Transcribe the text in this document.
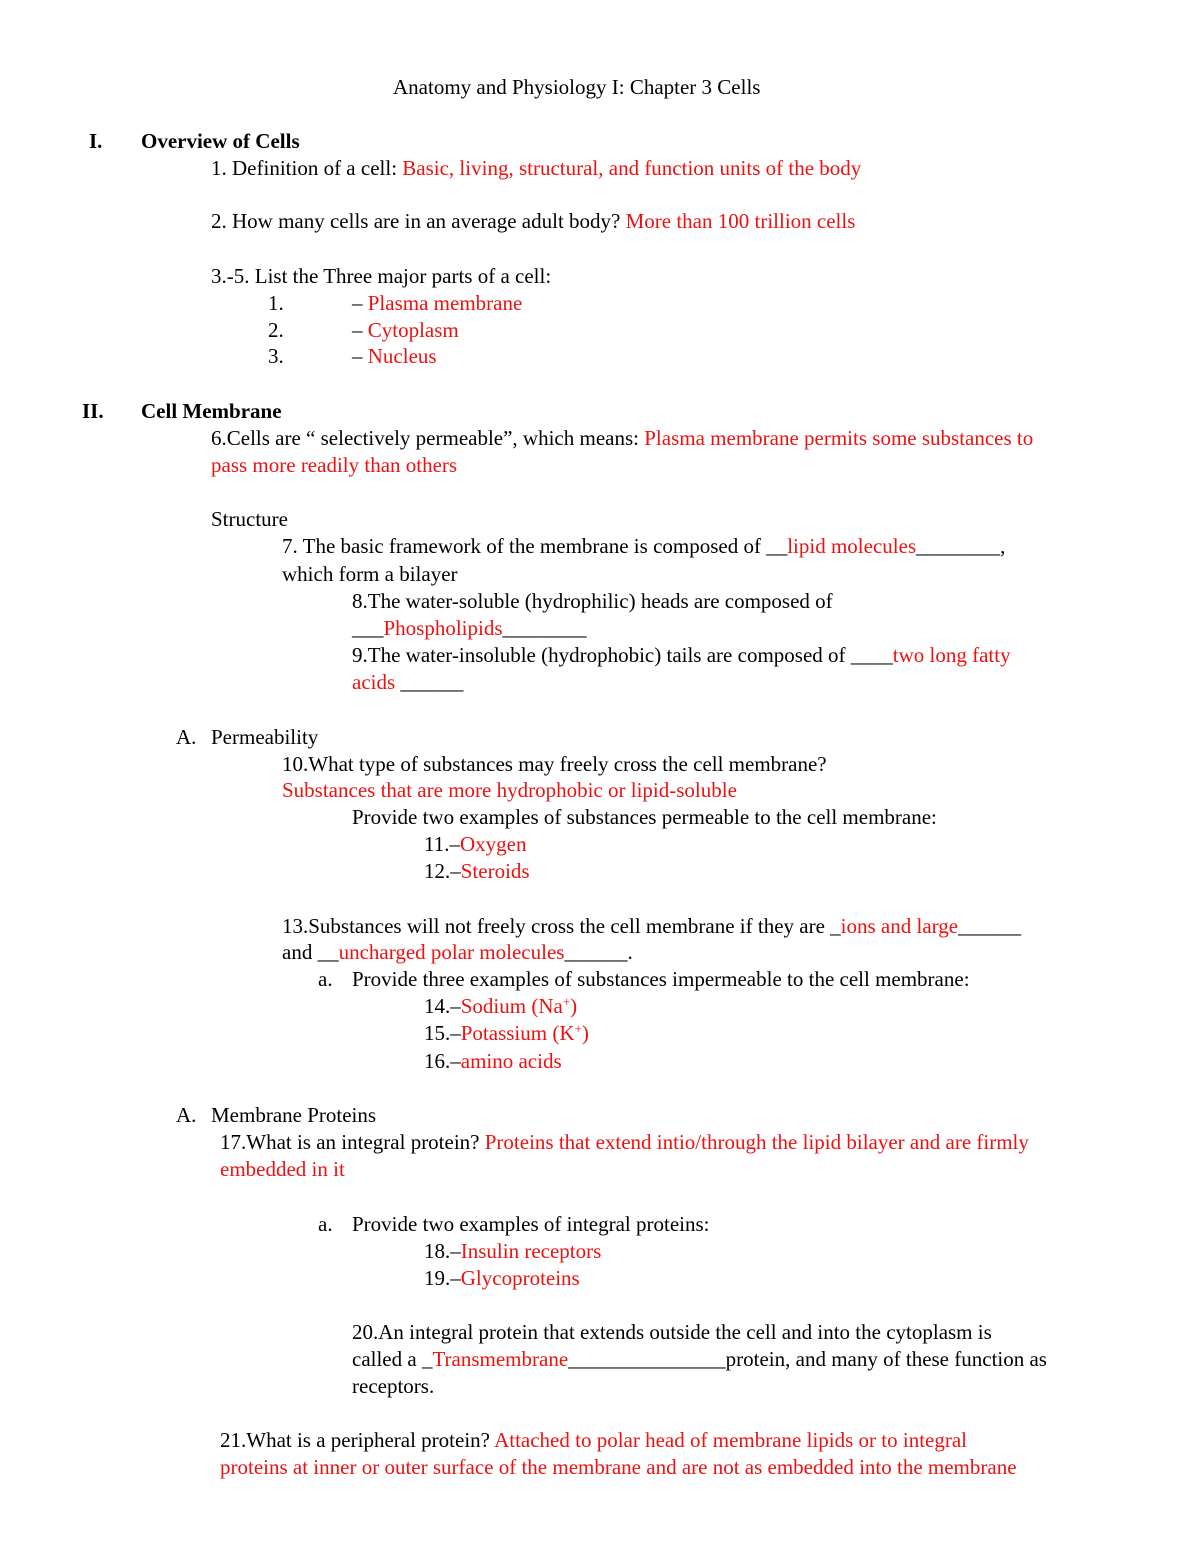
Anatomy and Physiology I: Chapter 3 Cells
I. Overview of Cells
1. Definition of a cell: Basic, living, structural, and function units of the body
2. How many cells are in an average adult body? More than 100 trillion cells
3.-5. List the Three major parts of a cell:
1.	– Plasma membrane
2.	– Cytoplasm
3.	– Nucleus
II. Cell Membrane
6.Cells are “ selectively permeable”, which means: Plasma membrane permits some substances to
pass more readily than others
Structure
7. The basic framework of the membrane is composed of __lipid molecules________,
which form a bilayer
8.The water-soluble (hydrophilic) heads are composed of
___Phospholipids________
9.The water-insoluble (hydrophobic) tails are composed of ____two long fatty
acids ______
A. Permeability
10.What type of substances may freely cross the cell membrane?
Substances that are more hydrophobic or lipid-soluble
Provide two examples of substances permeable to the cell membrane:
11.–Oxygen
12.–Steroids
13.Substances will not freely cross the cell membrane if they are _ions and large______
and __uncharged polar molecules______.
a. Provide three examples of substances impermeable to the cell membrane:
14.–Sodium (Na+)
15.–Potassium (K+)
16.–amino acids
A. Membrane Proteins
17.What is an integral protein? Proteins that extend intio/through the lipid bilayer and are firmly
embedded in it
a. Provide two examples of integral proteins:
18.–Insulin receptors
19.–Glycoproteins
20.An integral protein that extends outside the cell and into the cytoplasm is
called a _Transmembrane_______________protein, and many of these function as
receptors.
21.What is a peripheral protein? Attached to polar head of membrane lipids or to integral
proteins at inner or outer surface of the membrane and are not as embedded into the membrane
